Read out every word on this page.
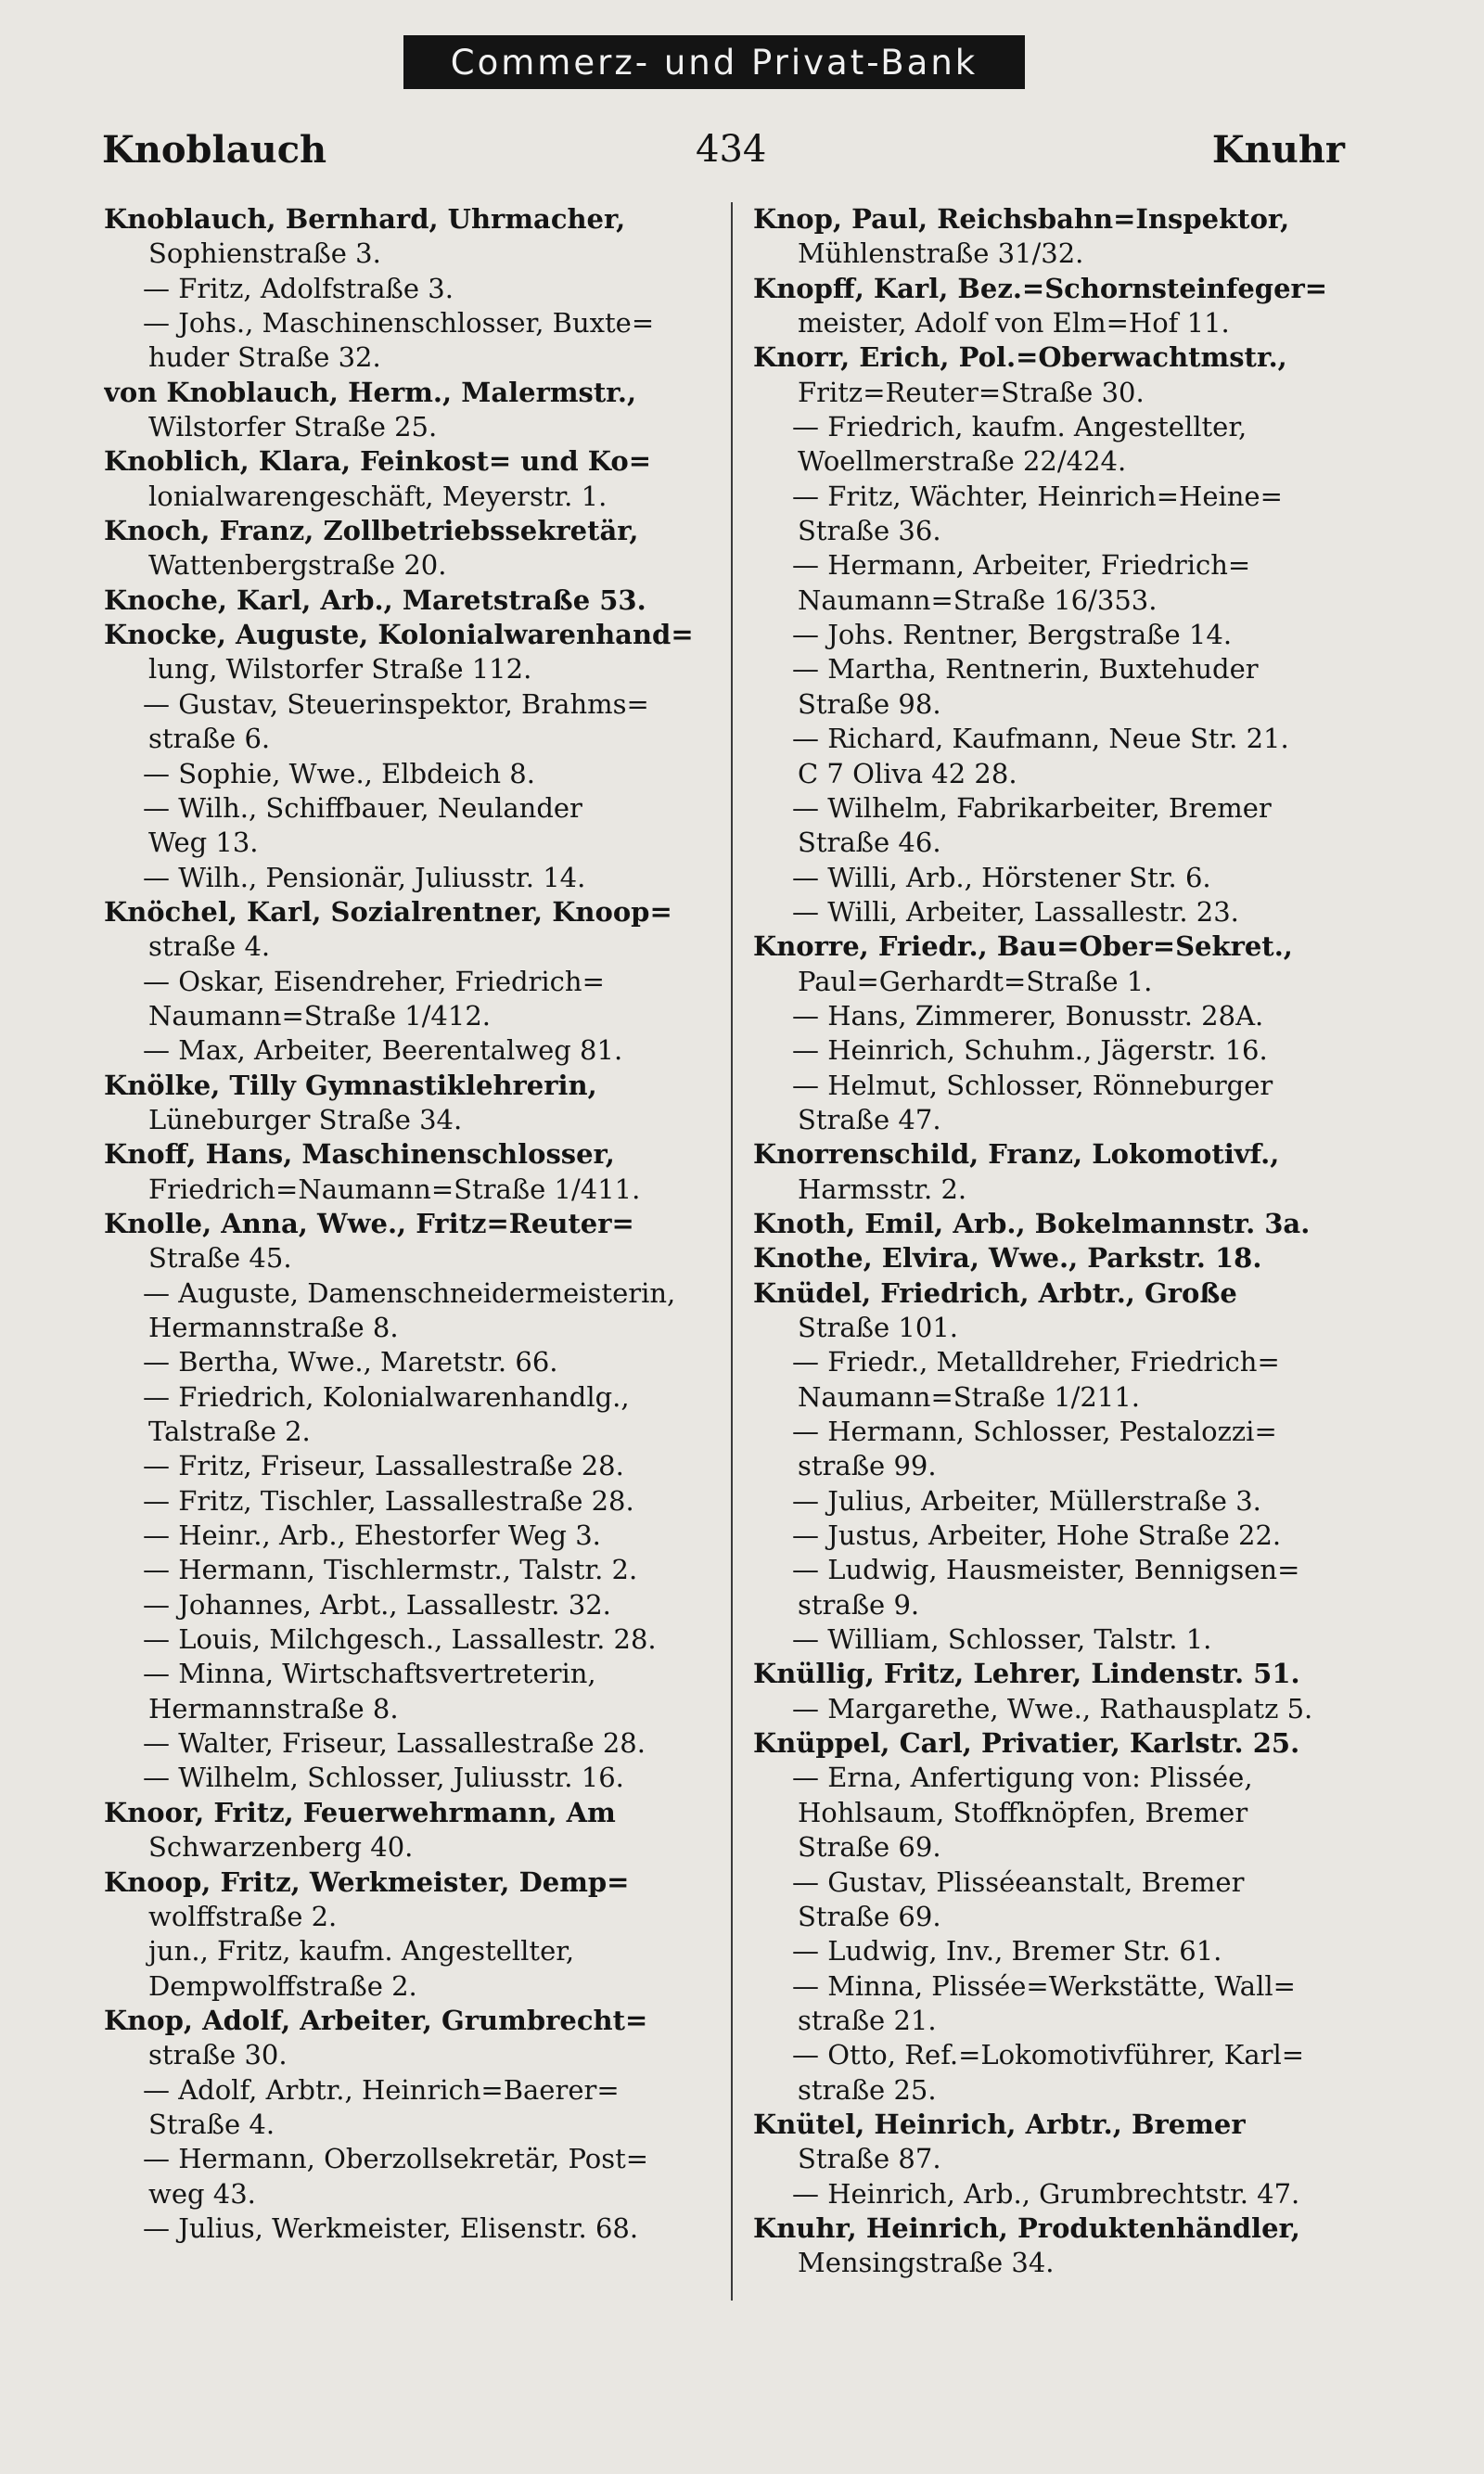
Commerz- und Privat-Bank
Knoblauch	434	Knuhr
Knoblauch, Bernhard, Uhrmacher,
Sophienstraße 3.
— Fritz, Adolfstraße 3.
— Johs., Maschinenschlosser, Buxte=
huder Straße 32.
von Knoblauch, Herm., Malermstr.,
Wilstorfer Straße 25.
Knoblich, Klara, Feinkost= und Ko=
lonialwarengeschäft, Meyerstr. 1.
Knoch, Franz, Zollbetriebssekretär,
Wattenbergstraße 20.
Knoche, Karl, Arb., Maretstraße 53.
Knocke, Auguste, Kolonialwarenhand=
lung, Wilstorfer Straße 112.
— Gustav, Steuerinspektor, Brahms=
straße 6.
— Sophie, Wwe., Elbdeich 8.
— Wilh., Schiffbauer, Neulander
Weg 13.
— Wilh., Pensionär, Juliusstr. 14.
Knöchel, Karl, Sozialrentner, Knoop=
straße 4.
— Oskar, Eisendreher, Friedrich=
Naumann=Straße 1/412.
— Max, Arbeiter, Beerentalweg 81.
Knölke, Tilly Gymnastiklehrerin,
Lüneburger Straße 34.
Knoff, Hans, Maschinenschlosser,
Friedrich=Naumann=Straße 1/411.
Knolle, Anna, Wwe., Fritz=Reuter=
Straße 45.
— Auguste, Damenschneidermeisterin,
Hermannstraße 8.
— Bertha, Wwe., Maretstr. 66.
— Friedrich, Kolonialwarenhandlg.,
Talstraße 2.
— Fritz, Friseur, Lassallestraße 28.
— Fritz, Tischler, Lassallestraße 28.
— Heinr., Arb., Ehestorfer Weg 3.
— Hermann, Tischlermstr., Talstr. 2.
— Johannes, Arbt., Lassallestr. 32.
— Louis, Milchgesch., Lassallestr. 28.
— Minna, Wirtschaftsvertreterin,
Hermannstraße 8.
— Walter, Friseur, Lassallestraße 28.
— Wilhelm, Schlosser, Juliusstr. 16.
Knoor, Fritz, Feuerwehrmann, Am
Schwarzenberg 40.
Knoop, Fritz, Werkmeister, Demp=
wolffstraße 2.
jun., Fritz, kaufm. Angestellter,
Dempwolffstraße 2.
Knop, Adolf, Arbeiter, Grumbrecht=
straße 30.
— Adolf, Arbtr., Heinrich=Baerer=
Straße 4.
— Hermann, Oberzollsekretär, Post=
weg 43.
— Julius, Werkmeister, Elisenstr. 68.
Knop, Paul, Reichsbahn=Inspektor,
Mühlenstraße 31/32.
Knopff, Karl, Bez.=Schornsteinfeger=
meister, Adolf von Elm=Hof 11.
Knorr, Erich, Pol.=Oberwachtmstr.,
Fritz=Reuter=Straße 30.
— Friedrich, kaufm. Angestellter,
Woellmerstraße 22/424.
— Fritz, Wächter, Heinrich=Heine=
Straße 36.
— Hermann, Arbeiter, Friedrich=
Naumann=Straße 16/353.
— Johs. Rentner, Bergstraße 14.
— Martha, Rentnerin, Buxtehuder
Straße 98.
— Richard, Kaufmann, Neue Str. 21.
C 7 Oliva 42 28.
— Wilhelm, Fabrikarbeiter, Bremer
Straße 46.
— Willi, Arb., Hörstener Str. 6.
— Willi, Arbeiter, Lassallestr. 23.
Knorre, Friedr., Bau=Ober=Sekret.,
Paul=Gerhardt=Straße 1.
— Hans, Zimmerer, Bonusstr. 28A.
— Heinrich, Schuhm., Jägerstr. 16.
— Helmut, Schlosser, Rönneburger
Straße 47.
Knorrenschild, Franz, Lokomotivf.,
Harmsstr. 2.
Knoth, Emil, Arb., Bokelmannstr. 3a.
Knothe, Elvira, Wwe., Parkstr. 18.
Knüdel, Friedrich, Arbtr., Große
Straße 101.
— Friedr., Metalldreher, Friedrich=
Naumann=Straße 1/211.
— Hermann, Schlosser, Pestalozzi=
straße 99.
— Julius, Arbeiter, Müllerstraße 3.
— Justus, Arbeiter, Hohe Straße 22.
— Ludwig, Hausmeister, Bennigsen=
straße 9.
— William, Schlosser, Talstr. 1.
Knüllig, Fritz, Lehrer, Lindenstr. 51.
— Margarethe, Wwe., Rathausplatz 5.
Knüppel, Carl, Privatier, Karlstr. 25.
— Erna, Anfertigung von: Plissée,
Hohlsaum, Stoffknöpfen, Bremer
Straße 69.
— Gustav, Plisséeanstalt, Bremer
Straße 69.
— Ludwig, Inv., Bremer Str. 61.
— Minna, Plissée=Werkstätte, Wall=
straße 21.
— Otto, Ref.=Lokomotivführer, Karl=
straße 25.
Knütel, Heinrich, Arbtr., Bremer
Straße 87.
— Heinrich, Arb., Grumbrechtstr. 47.
Knuhr, Heinrich, Produktenhändler,
Mensingstraße 34.
